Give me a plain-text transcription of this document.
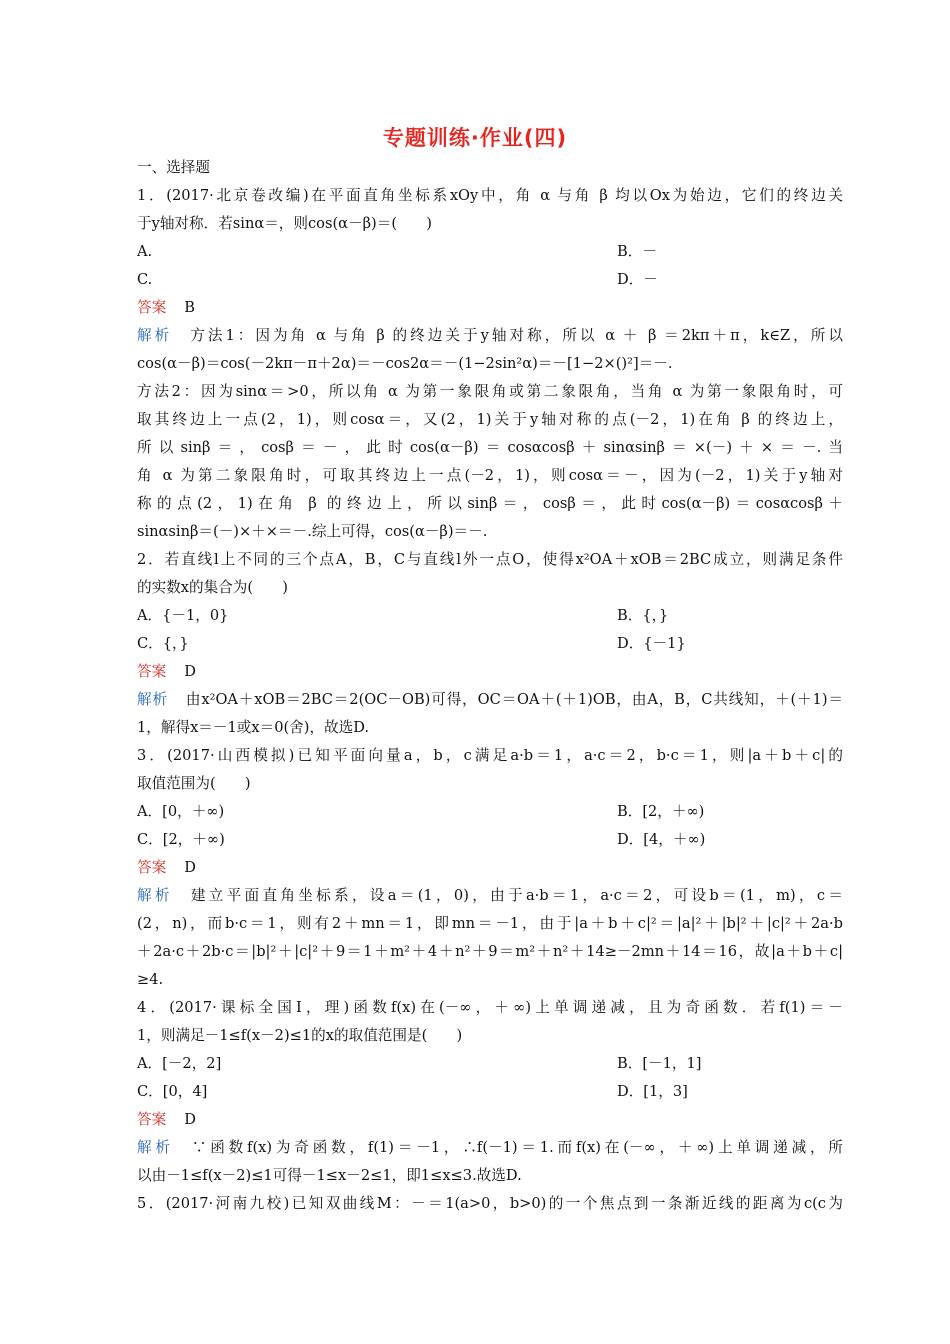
专题训练·作业(四)
一、选择题
1．(2017·北京卷改编)在平面直角坐标系xOy中，角 α 与角 β 均以Ox为始边，它们的终边关
于y轴对称．若sinα＝，则cos(α－β)＝(　　)
A.	B．－
C.	D．－
答案 B
解析 方法1：因为角 α 与角 β 的终边关于y轴对称，所以 α ＋ β ＝2kπ＋π，k∈Z，所以
cos(α－β)＝cos(－2kπ－π＋2α)＝－cos2α＝－(1−2sin²α)＝－[1−2×()²]＝－.
方法2：因为sinα＝>0，所以角 α 为第一象限角或第二象限角，当角 α 为第一象限角时，可
取其终边上一点(2，1)，则cosα＝，又(2，1)关于y轴对称的点(－2，1)在角 β 的终边上，
所以sinβ＝，cosβ＝－，此时cos(α－β)＝cosαcosβ＋sinαsinβ＝×(－)＋×＝－.当
角 α 为第二象限角时，可取其终边上一点(－2，1)，则cosα＝－，因为(－2，1)关于y轴对
称的点(2，1)在角 β 的终边上，所以sinβ＝，cosβ＝，此时cos(α－β)＝cosαcosβ＋
sinαsinβ＝(－)×＋×＝－.综上可得，cos(α－β)＝－.
2．若直线l上不同的三个点A，B，C与直线l外一点O，使得x²OA＋xOB＝2BC成立，则满足条件
的实数x的集合为(　　)
A．{－1，0}	B．{，}
C．{，}	D．{－1}
答案 D
解析 由x²OA＋xOB＝2BC＝2(OC－OB)可得，OC＝OA＋(＋1)OB，由A，B，C共线知，＋(＋1)＝
1，解得x＝－1或x＝0(舍)，故选D.
3．(2017·山西模拟)已知平面向量a，b，c满足a·b＝1，a·c＝2，b·c＝1，则|a＋b＋c|的
取值范围为(　　)
A．[0，＋∞)	B．[2，＋∞)
C．[2，＋∞)	D．[4，＋∞)
答案 D
解析 建立平面直角坐标系，设a＝(1，0)，由于a·b＝1，a·c＝2，可设b＝(1，m)，c＝
(2，n)，而b·c＝1，则有2＋mn＝1，即mn＝－1，由于|a＋b＋c|²＝|a|²＋|b|²＋|c|²＋2a·b
＋2a·c＋2b·c＝|b|²＋|c|²＋9＝1＋m²＋4＋n²＋9＝m²＋n²＋14≥－2mn＋14＝16，故|a＋b＋c|
≥4.
4．(2017·课标全国Ⅰ，理)函数f(x)在(－∞，＋∞)上单调递减，且为奇函数．若f(1)＝－
1，则满足－1≤f(x－2)≤1的x的取值范围是(　　)
A．[－2，2]	B．[－1，1]
C．[0，4]	D．[1，3]
答案 D
解析 ∵函数f(x)为奇函数，f(1)＝－1，∴f(－1)＝1.而f(x)在(－∞，＋∞)上单调递减，所
以由－1≤f(x－2)≤1可得－1≤x－2≤1，即1≤x≤3.故选D.
5．(2017·河南九校)已知双曲线M：－＝1(a>0，b>0)的一个焦点到一条渐近线的距离为c(c为
